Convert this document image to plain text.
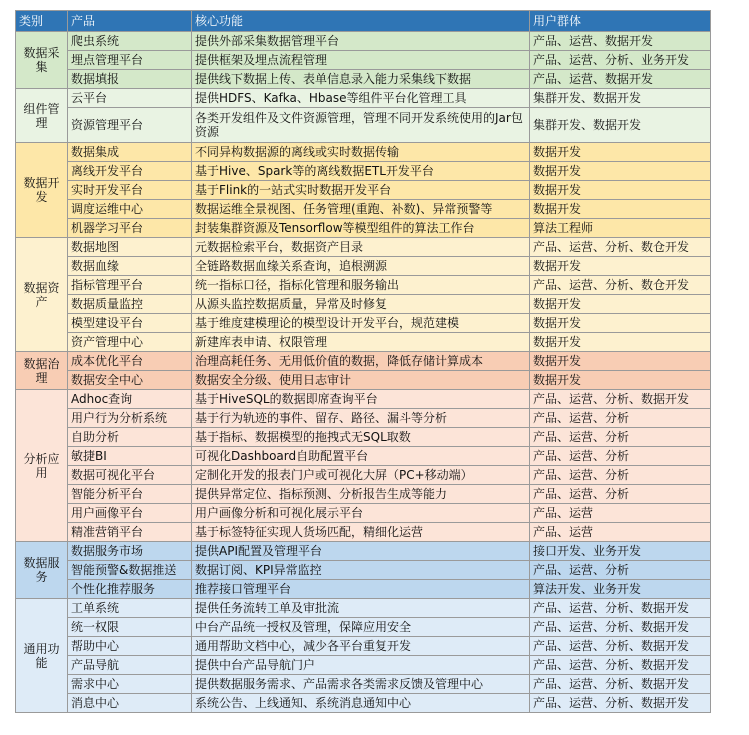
类别	产品	核心功能	用户群体
数据采集	爬虫系统	提供外部采集数据管理平台	产品、运营、数据开发
	埋点管理平台	提供框架及埋点流程管理	产品、运营、分析、业务开发
	数据填报	提供线下数据上传、表单信息录入能力采集线下数据	产品、运营、数据开发
组件管理	云平台	提供HDFS、Kafka、Hbase等组件平台化管理工具	集群开发、数据开发
	资源管理平台	各类开发组件及文件资源管理，管理不同开发系统使用的Jar包资源	集群开发、数据开发
数据开发	数据集成	不同异构数据源的离线或实时数据传输	数据开发
	离线开发平台	基于Hive、Spark等的离线数据ETL开发平台	数据开发
	实时开发平台	基于Flink的一站式实时数据开发平台	数据开发
	调度运维中心	数据运维全景视图、任务管理(重跑、补数)、异常预警等	数据开发
	机器学习平台	封装集群资源及Tensorflow等模型组件的算法工作台	算法工程师
数据资产	数据地图	元数据检索平台，数据资产目录	产品、运营、分析、数仓开发
	数据血缘	全链路数据血缘关系查询，追根溯源	数据开发
	指标管理平台	统一指标口径，指标化管理和服务输出	产品、运营、分析、数仓开发
	数据质量监控	从源头监控数据质量，异常及时修复	数据开发
	模型建设平台	基于维度建模理论的模型设计开发平台，规范建模	数据开发
	资产管理中心	新建库表申请、权限管理	数据开发
数据治理	成本优化平台	治理高耗任务、无用低价值的数据，降低存储计算成本	数据开发
	数据安全中心	数据安全分级、使用日志审计	数据开发
分析应用	Adhoc查询	基于HiveSQL的数据即席查询平台	产品、运营、分析、数据开发
	用户行为分析系统	基于行为轨迹的事件、留存、路径、漏斗等分析	产品、运营、分析
	自助分析	基于指标、数据模型的拖拽式无SQL取数	产品、运营、分析
	敏捷BI	可视化Dashboard自助配置平台	产品、运营、分析
	数据可视化平台	定制化开发的报表门户或可视化大屏（PC+移动端）	产品、运营、分析
	智能分析平台	提供异常定位、指标预测、分析报告生成等能力	产品、运营、分析
	用户画像平台	用户画像分析和可视化展示平台	产品、运营
	精准营销平台	基于标签特征实现人货场匹配，精细化运营	产品、运营
数据服务	数据服务市场	提供API配置及管理平台	接口开发、业务开发
	智能预警&数据推送	数据订阅、KPI异常监控	产品、运营、分析
	个性化推荐服务	推荐接口管理平台	算法开发、业务开发
通用功能	工单系统	提供任务流转工单及审批流	产品、运营、分析、数据开发
	统一权限	中台产品统一授权及管理，保障应用安全	产品、运营、分析、数据开发
	帮助中心	通用帮助文档中心，减少各平台重复开发	产品、运营、分析、数据开发
	产品导航	提供中台产品导航门户	产品、运营、分析、数据开发
	需求中心	提供数据服务需求、产品需求各类需求反馈及管理中心	产品、运营、分析、数据开发
	消息中心	系统公告、上线通知、系统消息通知中心	产品、运营、分析、数据开发
